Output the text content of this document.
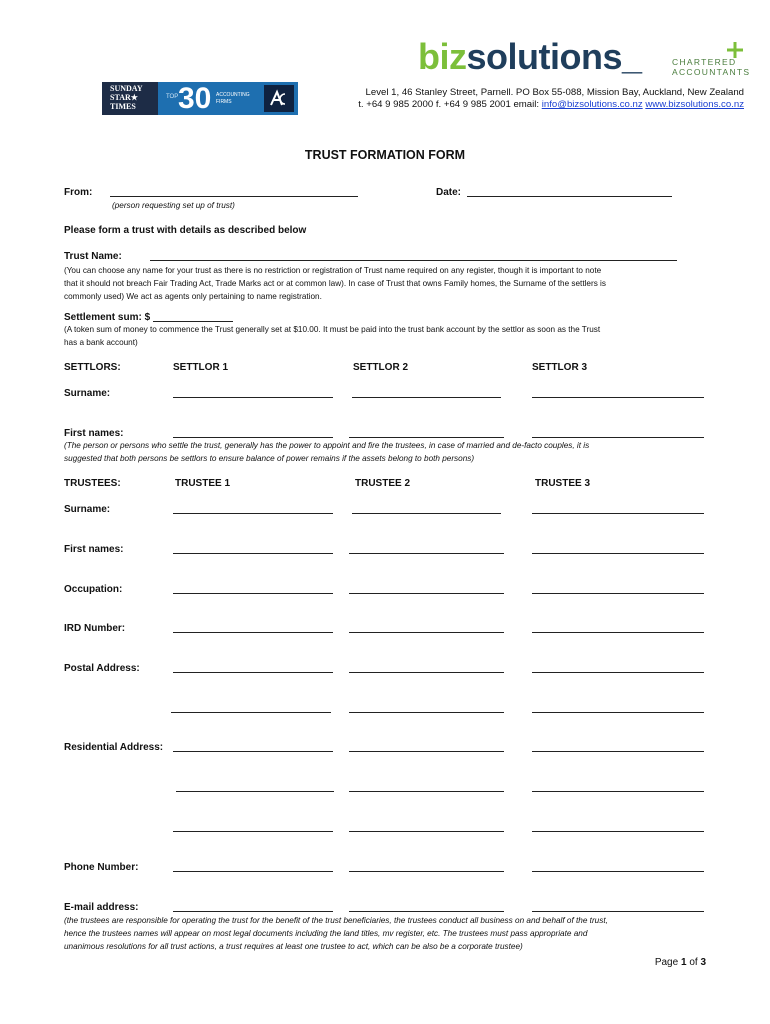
bizsolutions_	CHARTERED
ACCOUNTANTS
SUNDAY
STAR★
TIMES
TOP 30 ACCOUNTING
FIRMS
Level 1, 46 Stanley Street, Parnell. PO Box 55-088, Mission Bay, Auckland, New Zealand
t. +64 9 985 2000 f. +64 9 985 2001 email: info@bizsolutions.co.nz www.bizsolutions.co.nz
TRUST FORMATION FORM
From:
(person requesting set up of trust)
Date:
Please form a trust with details as described below
Trust Name:
(You can choose any name for your trust as there is no restriction or registration of Trust name required on any register, though it is important to note
that it should not breach Fair Trading Act, Trade Marks act or at common law). In case of Trust that owns Family homes, the Surname of the settlers is
commonly used) We act as agents only pertaining to name registration.
Settlement sum: $
(A token sum of money to commence the Trust generally set at $10.00. It must be paid into the trust bank account by the settlor as soon as the Trust
has a bank account)
SETTLORS:	SETTLOR 1	SETTLOR 2	SETTLOR 3
Surname:
First names:
(The person or persons who settle the trust, generally has the power to appoint and fire the trustees, in case of married and de-facto couples, it is
suggested that both persons be settlors to ensure balance of power remains if the assets belong to both persons)
TRUSTEES:	TRUSTEE 1	TRUSTEE 2	TRUSTEE 3
Surname:
First names:
Occupation:
IRD Number:
Postal Address:
Residential Address:
Phone Number:
E-mail address:
(the trustees are responsible for operating the trust for the benefit of the trust beneficiaries, the trustees conduct all business on and behalf of the trust,
hence the trustees names will appear on most legal documents including the land titles, mv register, etc. The trustees must pass appropriate and
unanimous resolutions for all trust actions, a trust requires at least one trustee to act, which can be also be a corporate trustee)
Page 1 of 3
